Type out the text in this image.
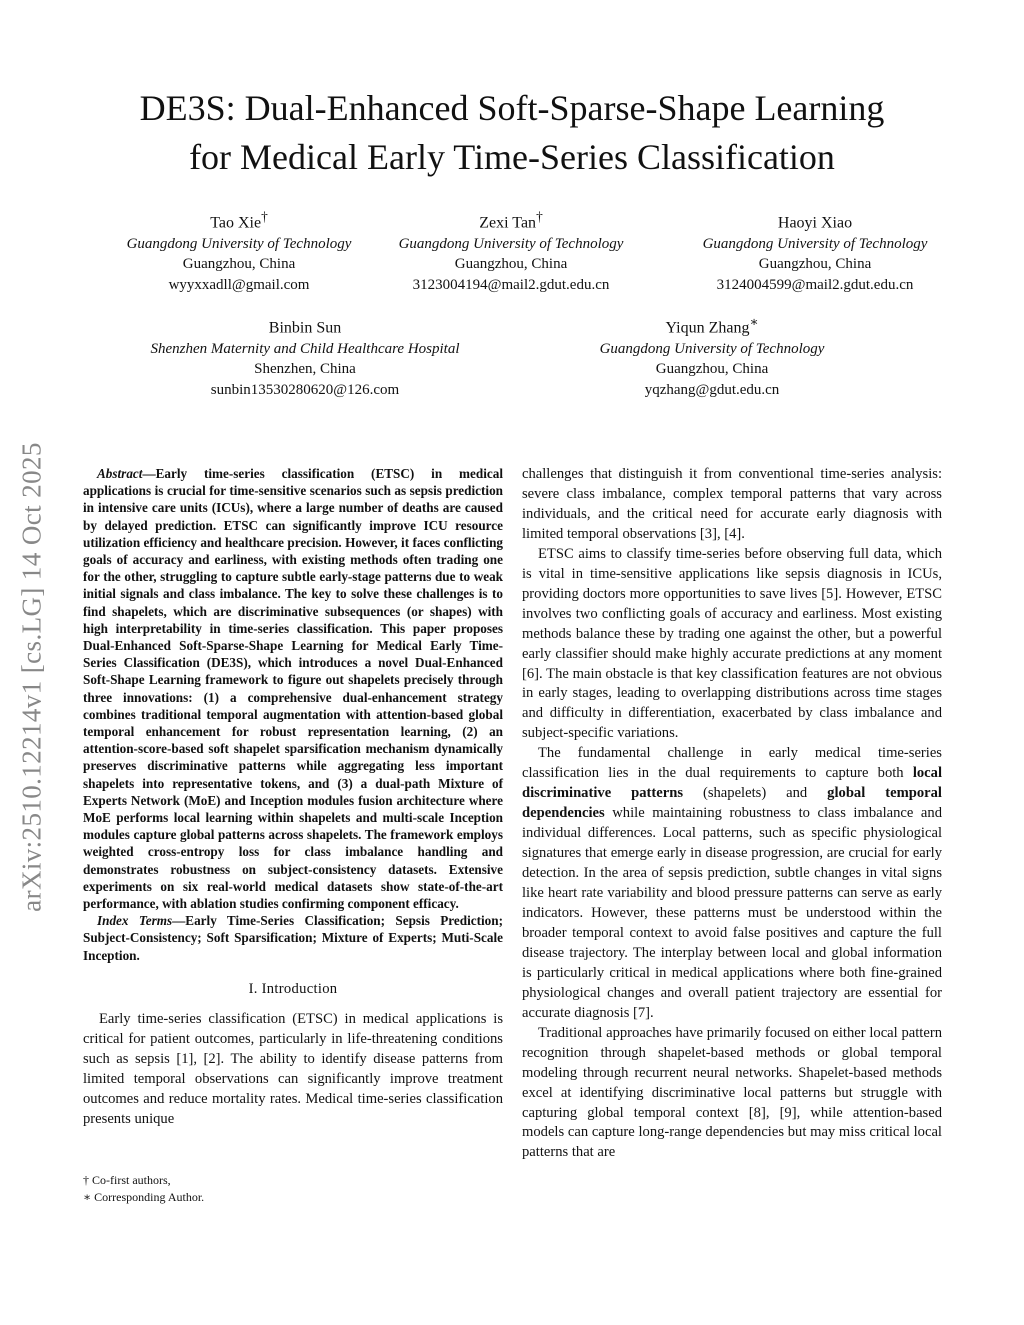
DE3S: Dual-Enhanced Soft-Sparse-Shape Learning
for Medical Early Time-Series Classification
Tao Xie†
Guangdong University of Technology
Guangzhou, China
wyyxxadll@gmail.com
Zexi Tan†
Guangdong University of Technology
Guangzhou, China
3123004194@mail2.gdut.edu.cn
Haoyi Xiao
Guangdong University of Technology
Guangzhou, China
3124004599@mail2.gdut.edu.cn
Binbin Sun
Shenzhen Maternity and Child Healthcare Hospital
Shenzhen, China
sunbin13530280620@126.com
Yiqun Zhang∗
Guangdong University of Technology
Guangzhou, China
yqzhang@gdut.edu.cn
arXiv:2510.12214v1 [cs.LG] 14 Oct 2025	Abstract—Early time-series classification (ETSC) in medical applications is crucial for time-sensitive scenarios such as sepsis prediction in intensive care units (ICUs), where a large number of deaths are caused by delayed prediction. ETSC can significantly improve ICU resource utilization efficiency and healthcare precision. However, it faces conflicting goals of accuracy and earliness, with existing methods often trading one for the other, struggling to capture subtle early-stage patterns due to weak initial signals and class imbalance. The key to solve these challenges is to find shapelets, which are discriminative subsequences (or shapes) with high interpretability in time-series classification. This paper proposes Dual-Enhanced Soft-Sparse-Shape Learning for Medical Early Time-Series Classification (DE3S), which introduces a novel Dual-Enhanced Soft-Shape Learning framework to figure out shapelets precisely through three innovations: (1) a comprehensive dual-enhancement strategy combines traditional temporal augmentation with attention-based global temporal enhancement for robust representation learning, (2) an attention-score-based soft shapelet sparsification mechanism dynamically preserves discriminative patterns while aggregating less important shapelets into representative tokens, and (3) a dual-path Mixture of Experts Network (MoE) and Inception modules fusion architecture where MoE performs local learning within shapelets and multi-scale Inception modules capture global patterns across shapelets. The framework employs weighted cross-entropy loss for class imbalance handling and demonstrates robustness on subject-consistency datasets. Extensive experiments on six real-world medical datasets show state-of-the-art performance, with ablation studies confirming component efficacy.

Index Terms—Early Time-Series Classification; Sepsis Prediction; Subject-Consistency; Soft Sparsification; Mixture of Experts; Muti-Scale Inception.

I. Introduction

Early time-series classification (ETSC) in medical applications is critical for patient outcomes, particularly in life-threatening conditions such as sepsis [1], [2]. The ability to identify disease patterns from limited temporal observations can significantly improve treatment outcomes and reduce mortality rates. Medical time-series classification presents unique

† Co-first authors,
∗ Corresponding Author.

challenges that distinguish it from conventional time-series analysis: severe class imbalance, complex temporal patterns that vary across individuals, and the critical need for accurate early diagnosis with limited temporal observations [3], [4].

ETSC aims to classify time-series before observing full data, which is vital in time-sensitive applications like sepsis diagnosis in ICUs, providing doctors more opportunities to save lives [5]. However, ETSC involves two conflicting goals of accuracy and earliness. Most existing methods balance these by trading one against the other, but a powerful early classifier should make highly accurate predictions at any moment [6]. The main obstacle is that key classification features are not obvious in early stages, leading to overlapping distributions across time stages and difficulty in differentiation, exacerbated by class imbalance and subject-specific variations.

The fundamental challenge in early medical time-series classification lies in the dual requirements to capture both local discriminative patterns (shapelets) and global temporal dependencies while maintaining robustness to class imbalance and individual differences. Local patterns, such as specific physiological signatures that emerge early in disease progression, are crucial for early detection. In the area of sepsis prediction, subtle changes in vital signs like heart rate variability and blood pressure patterns can serve as early indicators. However, these patterns must be understood within the broader temporal context to avoid false positives and capture the full disease trajectory. The interplay between local and global information is particularly critical in medical applications where both fine-grained physiological changes and overall patient trajectory are essential for accurate diagnosis [7].

Traditional approaches have primarily focused on either local pattern recognition through shapelet-based methods or global temporal modeling through recurrent neural networks. Shapelet-based methods excel at identifying discriminative local patterns but struggle with capturing global temporal context [8], [9], while attention-based models can capture long-range dependencies but may miss critical local patterns that are
